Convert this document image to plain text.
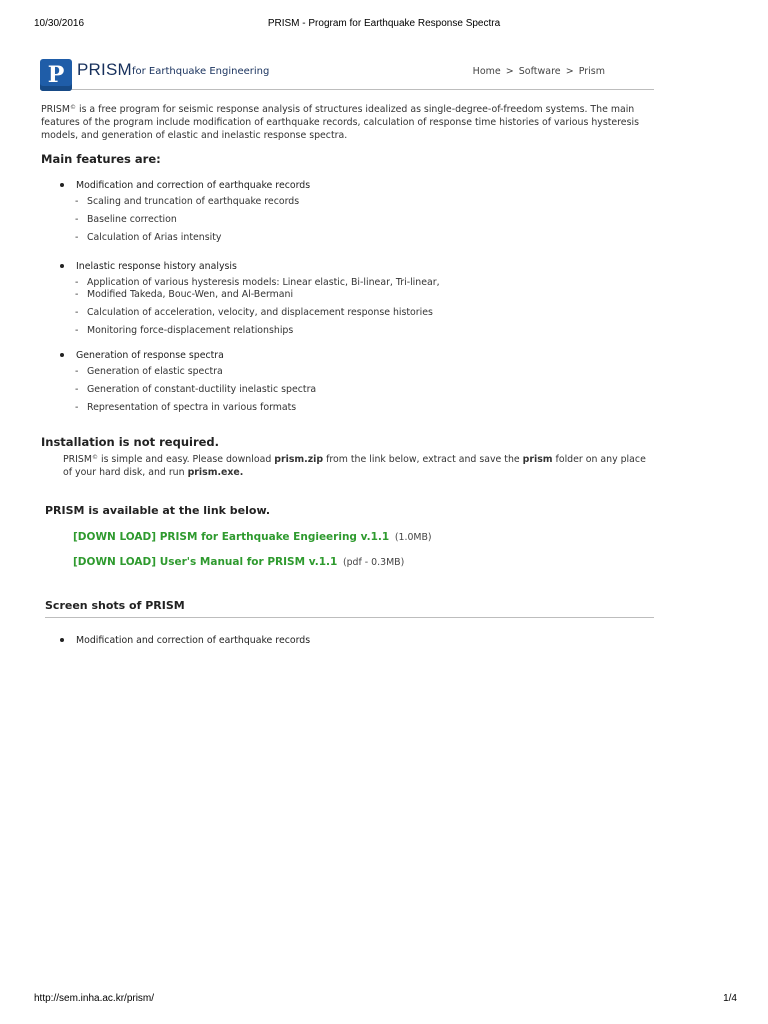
10/30/2016	PRISM - Program for Earthquake Response Spectra
P PRISM for Earthquake Engineering	Home > Software > Prism
PRISM© is a free program for seismic response analysis of structures idealized as single-degree-of-freedom systems. The main features of the program include modification of earthquake records, calculation of response time histories of various hysteresis models, and generation of elastic and inelastic response spectra.
Main features are:
Modification and correction of earthquake records
- Scaling and truncation of earthquake records
- Baseline correction
- Calculation of Arias intensity
Inelastic response history analysis
- Application of various hysteresis models: Linear elastic, Bi-linear, Tri-linear,
- Modified Takeda, Bouc-Wen, and Al-Bermani
- Calculation of acceleration, velocity, and displacement response histories
- Monitoring force-displacement relationships
Generation of response spectra
- Generation of elastic spectra
- Generation of constant-ductility inelastic spectra
- Representation of spectra in various formats
Installation is not required.
PRISM© is simple and easy. Please download prism.zip from the link below, extract and save the prism folder on any place of your hard disk, and run prism.exe.
PRISM is available at the link below.
[DOWN LOAD] PRISM for Earthquake Engieering v.1.1 (1.0MB)
[DOWN LOAD] User's Manual for PRISM v.1.1 (pdf - 0.3MB)
Screen shots of PRISM
Modification and correction of earthquake records
http://sem.inha.ac.kr/prism/	1/4
